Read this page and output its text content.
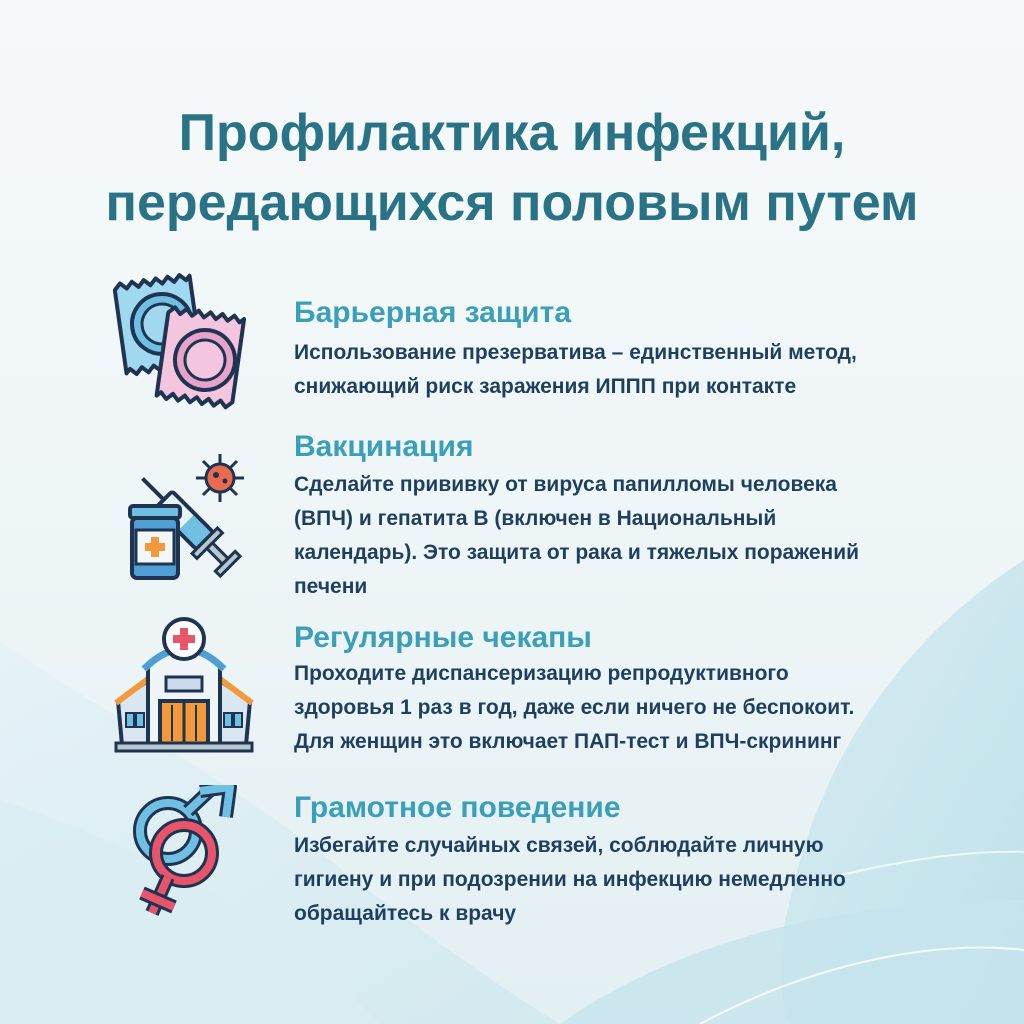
Профилактика инфекций,
передающихся половым путем
Барьерная защита

Использование презерватива – единственный метод,
снижающий риск заражения ИППП при контакте

Вакцинация

Сделайте прививку от вируса папилломы человека
(ВПЧ) и гепатита В (включен в Национальный
календарь). Это защита от рака и тяжелых поражений
печени

Регулярные чекапы

Проходите диспансеризацию репродуктивного
здоровья 1 раз в год, даже если ничего не беспокоит.
Для женщин это включает ПАП-тест и ВПЧ-скрининг

Грамотное поведение

Избегайте случайных связей, соблюдайте личную
гигиену и при подозрении на инфекцию немедленно
обращайтесь к врачу
